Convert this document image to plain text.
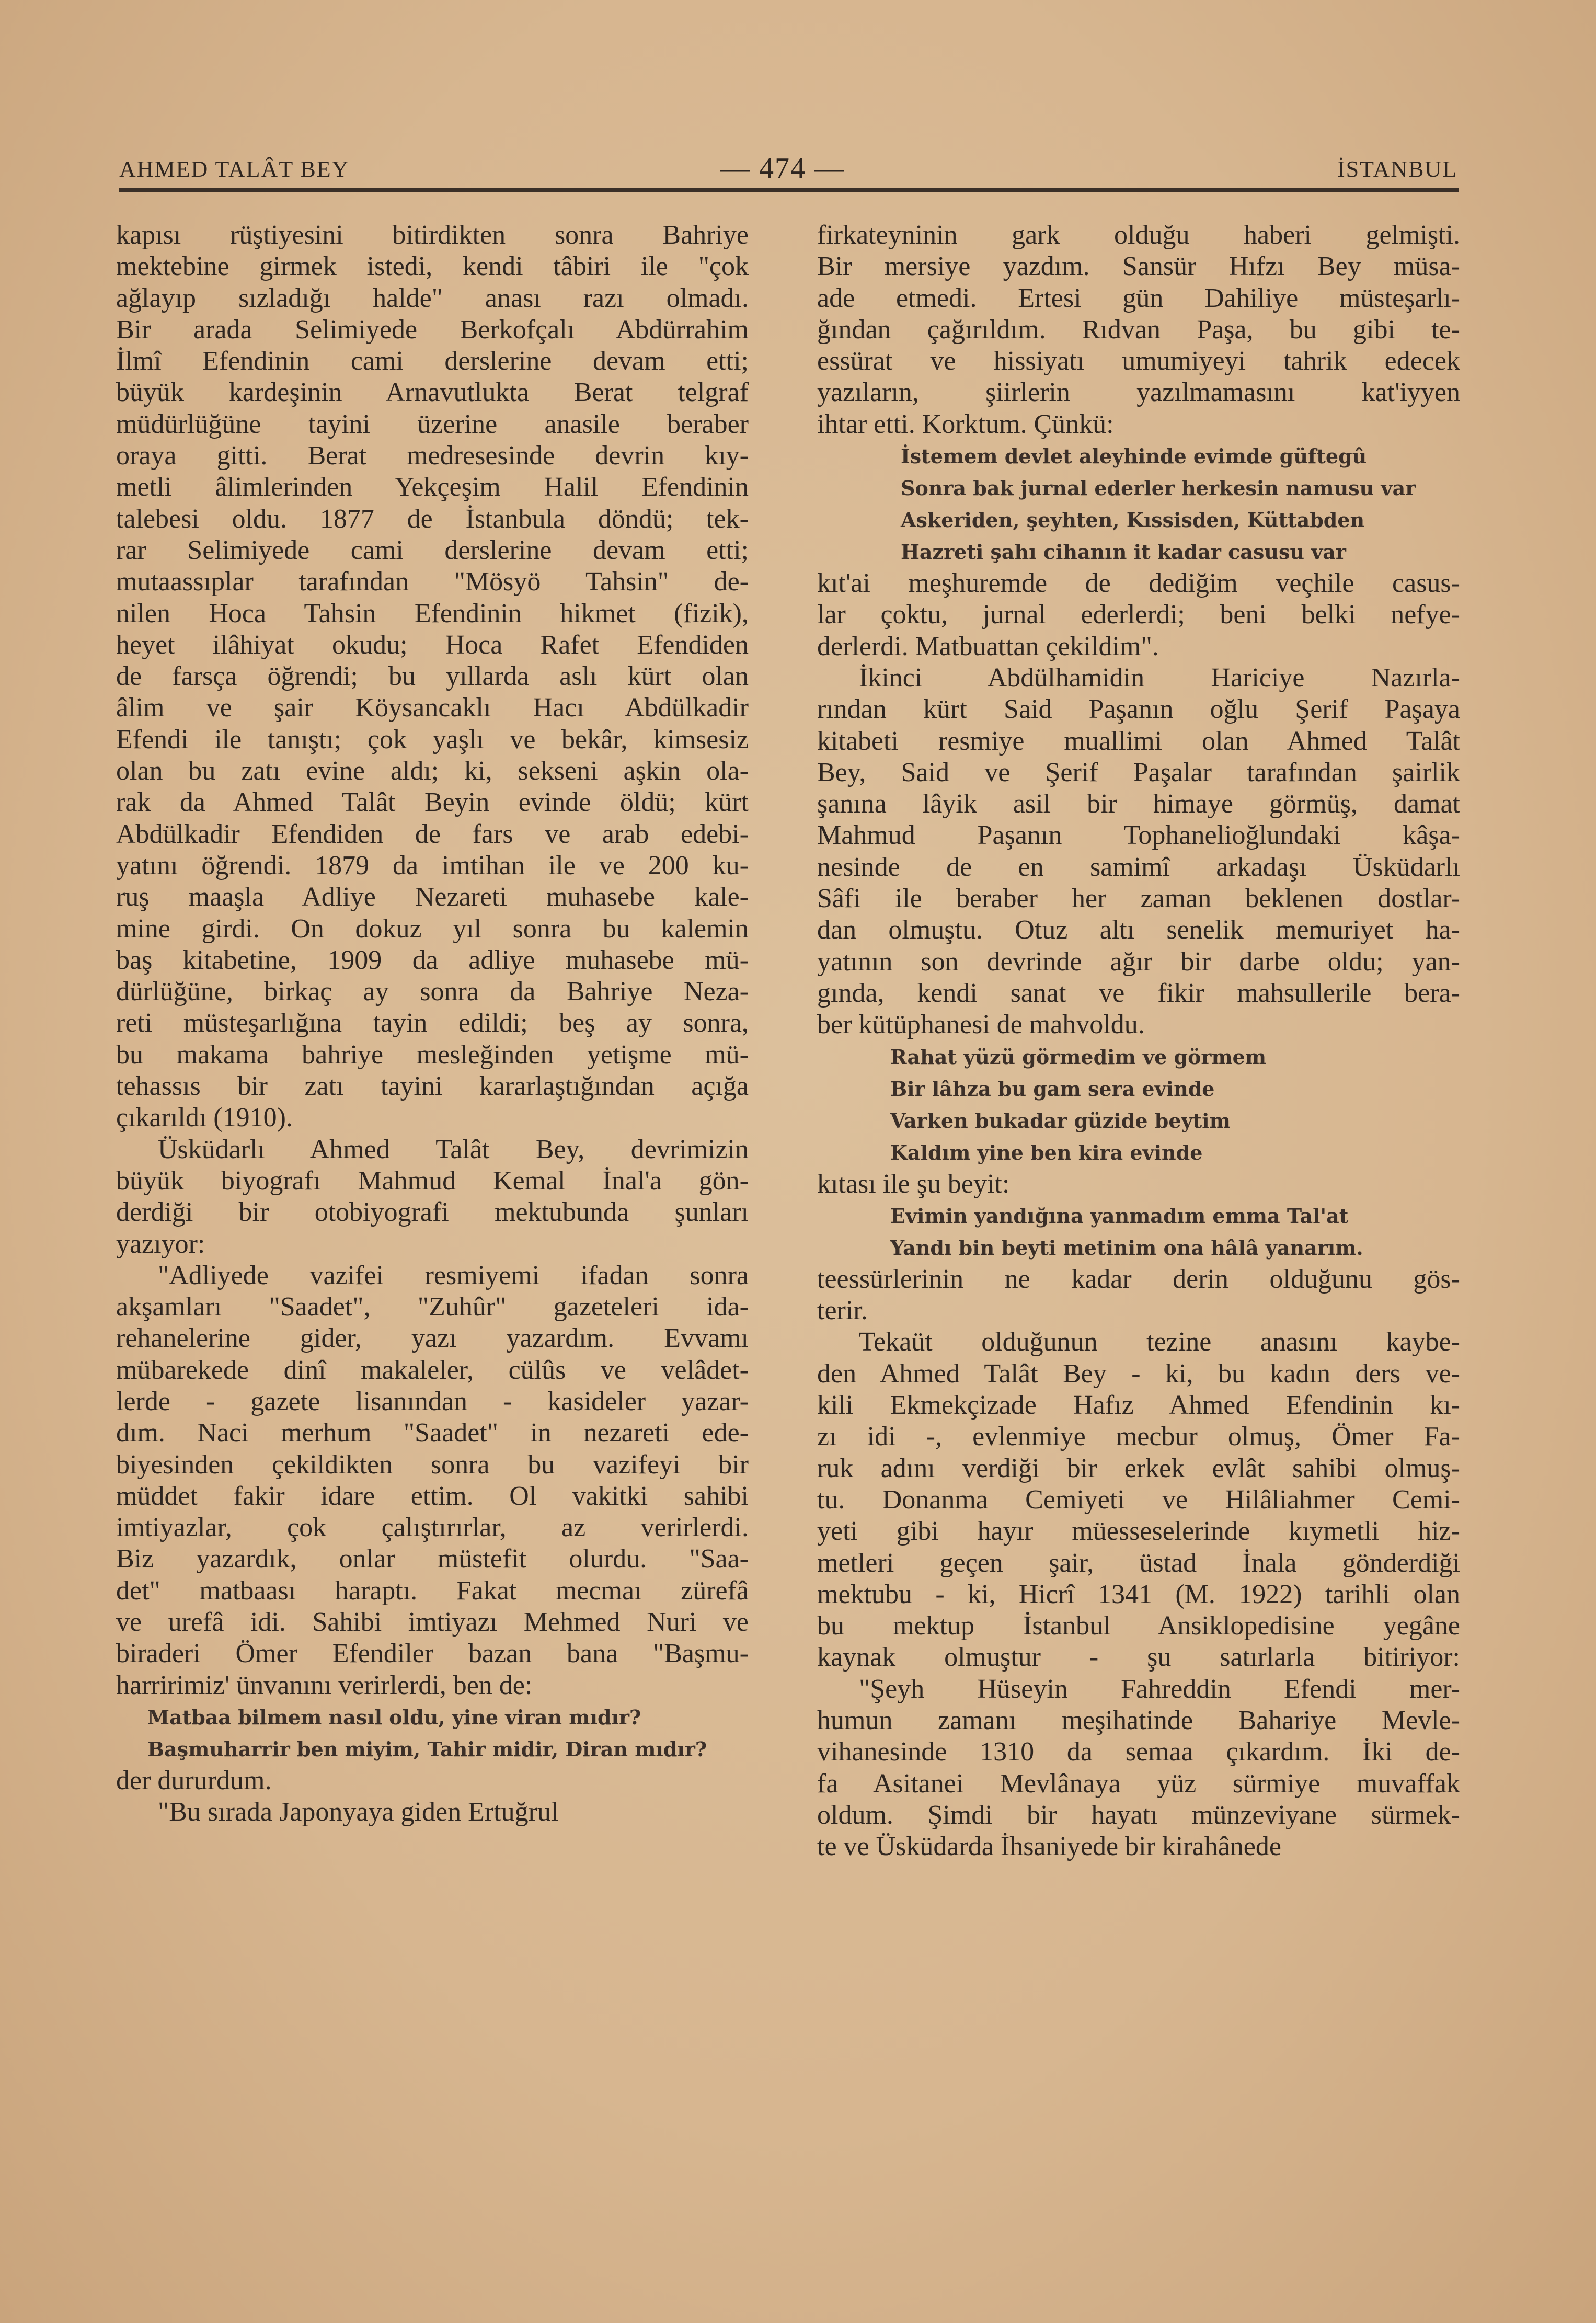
AHMED TALÂT BEY	— 474 —	İSTANBUL
kapısı rüştiyesini bitirdikten sonra Bahriye
mektebine girmek istedi, kendi tâbiri ile "çok
ağlayıp sızladığı halde" anası razı olmadı.
Bir arada Selimiyede Berkofçalı Abdürrahim
İlmî Efendinin cami derslerine devam etti;
büyük kardeşinin Arnavutlukta Berat telgraf
müdürlüğüne tayini üzerine anasile beraber
oraya gitti. Berat medresesinde devrin kıy-
metli âlimlerinden Yekçeşim Halil Efendinin
talebesi oldu. 1877 de İstanbula döndü; tek-
rar Selimiyede cami derslerine devam etti;
mutaassıplar tarafından "Mösyö Tahsin" de-
nilen Hoca Tahsin Efendinin hikmet (fizik),
heyet ilâhiyat okudu; Hoca Rafet Efendiden
de farsça öğrendi; bu yıllarda aslı kürt olan
âlim ve şair Köysancaklı Hacı Abdülkadir
Efendi ile tanıştı; çok yaşlı ve bekâr, kimsesiz
olan bu zatı evine aldı; ki, sekseni aşkin ola-
rak da Ahmed Talât Beyin evinde öldü; kürt
Abdülkadir Efendiden de fars ve arab edebi-
yatını öğrendi. 1879 da imtihan ile ve 200 ku-
ruş maaşla Adliye Nezareti muhasebe kale-
mine girdi. On dokuz yıl sonra bu kalemin
baş kitabetine, 1909 da adliye muhasebe mü-
dürlüğüne, birkaç ay sonra da Bahriye Neza-
reti müsteşarlığına tayin edildi; beş ay sonra,
bu makama bahriye mesleğinden yetişme mü-
tehassıs bir zatı tayini kararlaştığından açığa
çıkarıldı (1910).
Üsküdarlı Ahmed Talât Bey, devrimizin
büyük biyografı Mahmud Kemal İnal'a gön-
derdiği bir otobiyografi mektubunda şunları
yazıyor:
"Adliyede vazifei resmiyemi ifadan sonra
akşamları "Saadet", "Zuhûr" gazeteleri ida-
rehanelerine gider, yazı yazardım. Evvamı
mübarekede dinî makaleler, cülûs ve velâdet-
lerde - gazete lisanından - kasideler yazar-
dım. Naci merhum "Saadet" in nezareti ede-
biyesinden çekildikten sonra bu vazifeyi bir
müddet fakir idare ettim. Ol vakitki sahibi
imtiyazlar, çok çalıştırırlar, az verirlerdi.
Biz yazardık, onlar müstefit olurdu. "Saa-
det" matbaası haraptı. Fakat mecmaı zürefâ
ve urefâ idi. Sahibi imtiyazı Mehmed Nuri ve
biraderi Ömer Efendiler bazan bana "Başmu-
harririmiz' ünvanını verirlerdi, ben de:
Matbaa bilmem nasıl oldu, yine viran mıdır?
Başmuharrir ben miyim, Tahir midir, Diran mıdır?
der dururdum.
"Bu sırada Japonyaya giden Ertuğrul
firkateyninin gark olduğu haberi gelmişti.
Bir mersiye yazdım. Sansür Hıfzı Bey müsa-
ade etmedi. Ertesi gün Dahiliye müsteşarlı-
ğından çağırıldım. Rıdvan Paşa, bu gibi te-
essürat ve hissiyatı umumiyeyi tahrik edecek
yazıların, şiirlerin yazılmamasını kat'iyyen
ihtar etti. Korktum. Çünkü:
İstemem devlet aleyhinde evimde güftegû
Sonra bak jurnal ederler herkesin namusu var
Askeriden, şeyhten, Kıssisden, Küttabden
Hazreti şahı cihanın it kadar casusu var
kıt'ai meşhuremde de dediğim veçhile casus-
lar çoktu, jurnal ederlerdi; beni belki nefye-
derlerdi. Matbuattan çekildim".
İkinci Abdülhamidin Hariciye Nazırla-
rından kürt Said Paşanın oğlu Şerif Paşaya
kitabeti resmiye muallimi olan Ahmed Talât
Bey, Said ve Şerif Paşalar tarafından şairlik
şanına lâyik asil bir himaye görmüş, damat
Mahmud Paşanın Tophanelioğlundaki kâşa-
nesinde de en samimî arkadaşı Üsküdarlı
Sâfi ile beraber her zaman beklenen dostlar-
dan olmuştu. Otuz altı senelik memuriyet ha-
yatının son devrinde ağır bir darbe oldu; yan-
gında, kendi sanat ve fikir mahsullerile bera-
ber kütüphanesi de mahvoldu.
Rahat yüzü görmedim ve görmem
Bir lâhza bu gam sera evinde
Varken bukadar güzide beytim
Kaldım yine ben kira evinde
kıtası ile şu beyit:
Evimin yandığına yanmadım emma Tal'at
Yandı bin beyti metinim ona hâlâ yanarım.
teessürlerinin ne kadar derin olduğunu gös-
terir.
Tekaüt olduğunun tezine anasını kaybe-
den Ahmed Talât Bey - ki, bu kadın ders ve-
kili Ekmekçizade Hafız Ahmed Efendinin kı-
zı idi -, evlenmiye mecbur olmuş, Ömer Fa-
ruk adını verdiği bir erkek evlât sahibi olmuş-
tu. Donanma Cemiyeti ve Hilâliahmer Cemi-
yeti gibi hayır müesseselerinde kıymetli hiz-
metleri geçen şair, üstad İnala gönderdiği
mektubu - ki, Hicrî 1341 (M. 1922) tarihli olan
bu mektup İstanbul Ansiklopedisine yegâne
kaynak olmuştur - şu satırlarla bitiriyor:
"Şeyh Hüseyin Fahreddin Efendi mer-
humun zamanı meşihatinde Bahariye Mevle-
vihanesinde 1310 da semaa çıkardım. İki de-
fa Asitanei Mevlânaya yüz sürmiye muvaffak
oldum. Şimdi bir hayatı münzeviyane sürmek-
te ve Üsküdarda İhsaniyede bir kirahânede
